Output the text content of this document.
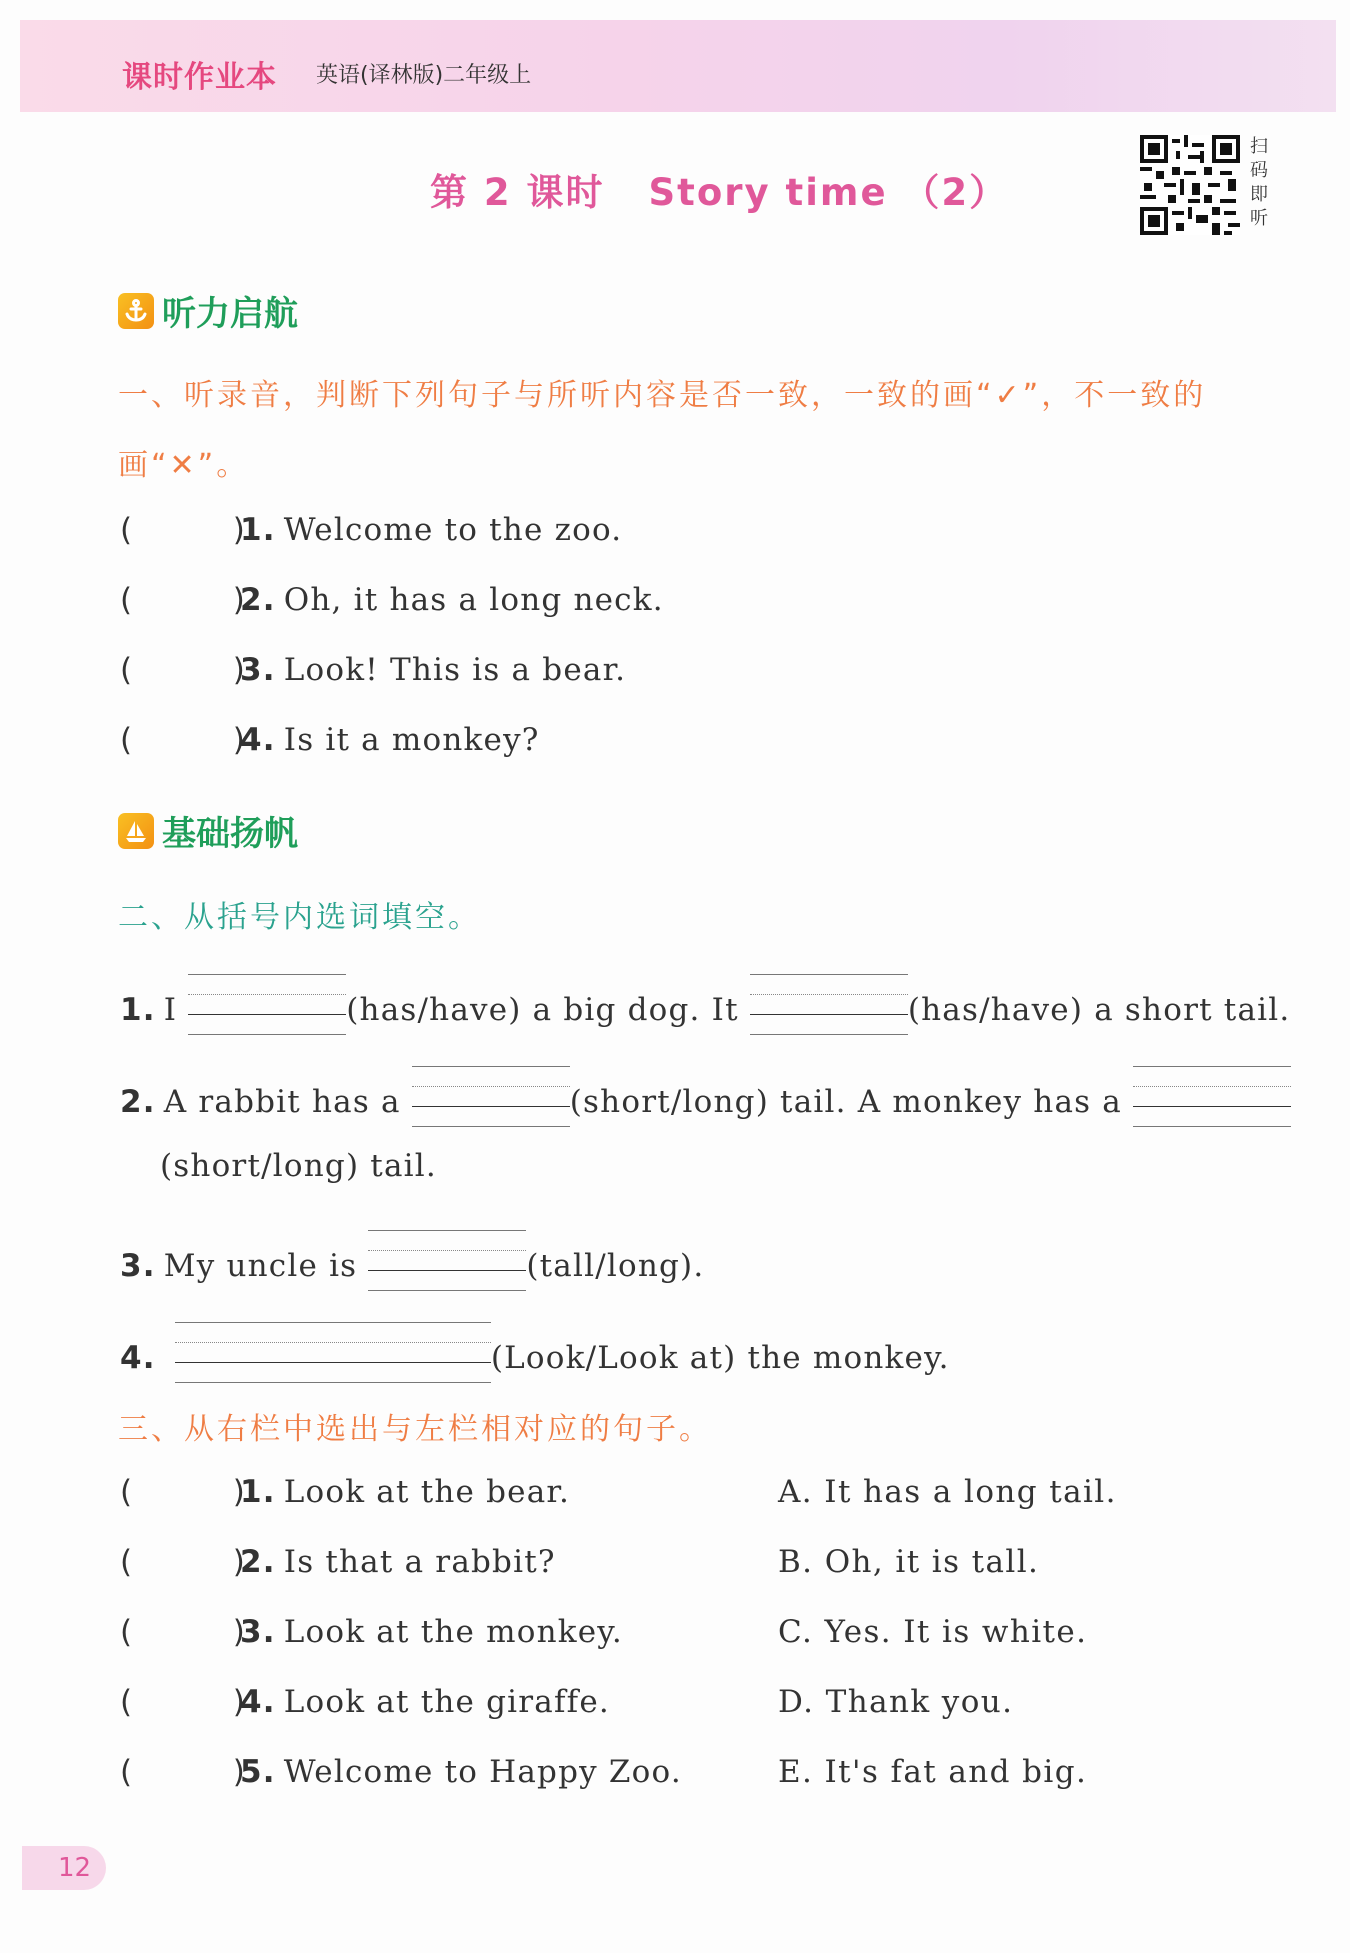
课时作业本 英语(译林版)二年级上
第 2 课时 Story time （2）
扫
码
即
听
听力启航
一、听录音，判断下列句子与所听内容是否一致，一致的画“✓”，不一致的
画“✕”。
(         )1. Welcome to the zoo.
(         )2. Oh, it has a long neck.
(         )3. Look! This is a bear.
(         )4. Is it a monkey?
基础扬帆
二、从括号内选词填空。
1. I	(has/have) a big dog. It	(has/have) a short tail.
2. A rabbit has a	(short/long) tail. A monkey has a
(short/long) tail.
3. My uncle is	(tall/long).
4.	(Look/Look at) the monkey.
三、从右栏中选出与左栏相对应的句子。
(         )1. Look at the bear.	A. It has a long tail.
(         )2. Is that a rabbit?	B. Oh, it is tall.
(         )3. Look at the monkey.	C. Yes. It is white.
(         )4. Look at the giraffe.	D. Thank you.
(         )5. Welcome to Happy Zoo.	E. It's fat and big.
12
